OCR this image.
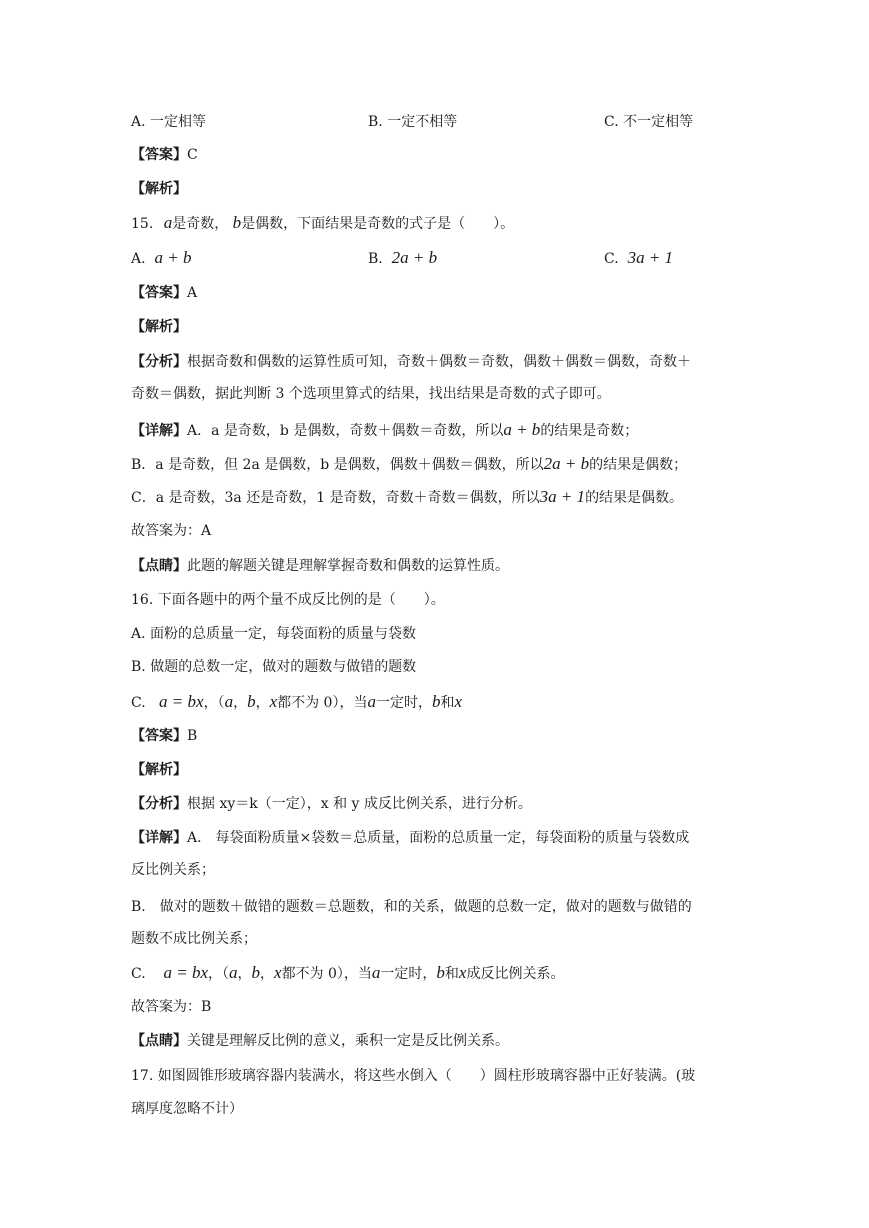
A. 一定相等	B. 一定不相等	C. 不一定相等
【答案】C
【解析】
15. a是奇数， b是偶数，下面结果是奇数的式子是（　　）。
A. a + b	B. 2a + b	C. 3a + 1
【答案】A
【解析】
【分析】根据奇数和偶数的运算性质可知，奇数＋偶数＝奇数，偶数＋偶数＝偶数，奇数＋
奇数＝偶数，据此判断 3 个选项里算式的结果，找出结果是奇数的式子即可。
【详解】A．a 是奇数，b 是偶数，奇数＋偶数＝奇数，所以a + b的结果是奇数；
B．a 是奇数，但 2a 是偶数，b 是偶数，偶数＋偶数＝偶数，所以2a + b的结果是偶数；
C．a 是奇数，3a 还是奇数，1 是奇数，奇数＋奇数＝偶数，所以3a + 1的结果是偶数。
故答案为：A
【点睛】此题的解题关键是理解掌握奇数和偶数的运算性质。
16. 下面各题中的两个量不成反比例的是（　　）。
A. 面粉的总质量一定，每袋面粉的质量与袋数
B. 做题的总数一定，做对的题数与做错的题数
C. a = bx，（a，b，x都不为 0），当a一定时，b和x
【答案】B
【解析】
【分析】根据 xy＝k（一定），x 和 y 成反比例关系，进行分析。
【详解】A.　每袋面粉质量×袋数＝总质量，面粉的总质量一定，每袋面粉的质量与袋数成
反比例关系；
B.　做对的题数＋做错的题数＝总题数，和的关系，做题的总数一定，做对的题数与做错的
题数不成比例关系；
C. a = bx，（a，b，x都不为 0），当a一定时，b和x成反比例关系。
故答案为：B
【点睛】关键是理解反比例的意义，乘积一定是反比例关系。
17. 如图圆锥形玻璃容器内装满水，将这些水倒入（　　）圆柱形玻璃容器中正好装满。(玻
璃厚度忽略不计）
